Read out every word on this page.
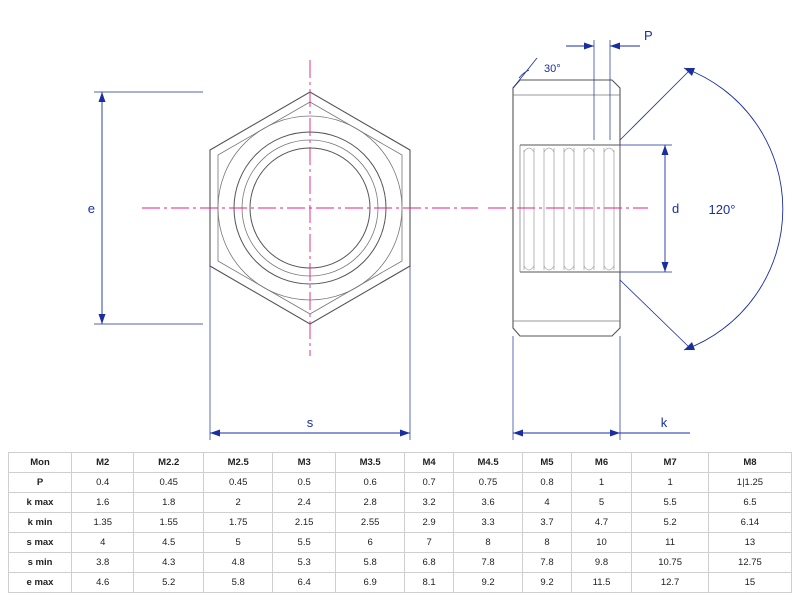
e
s
30°
P
d 120°
k
Mon	M2	M2.2	M2.5	M3	M3.5	M4	M4.5	M5	M6	M7	M8
P	0.4	0.45	0.45	0.5	0.6	0.7	0.75	0.8	1	1	1|1.25
k max	1.6	1.8	2	2.4	2.8	3.2	3.6	4	5	5.5	6.5
k min	1.35	1.55	1.75	2.15	2.55	2.9	3.3	3.7	4.7	5.2	6.14
s max	4	4.5	5	5.5	6	7	8	8	10	11	13
s min	3.8	4.3	4.8	5.3	5.8	6.8	7.8	7.8	9.8	10.75	12.75
e max	4.6	5.2	5.8	6.4	6.9	8.1	9.2	9.2	11.5	12.7	15
